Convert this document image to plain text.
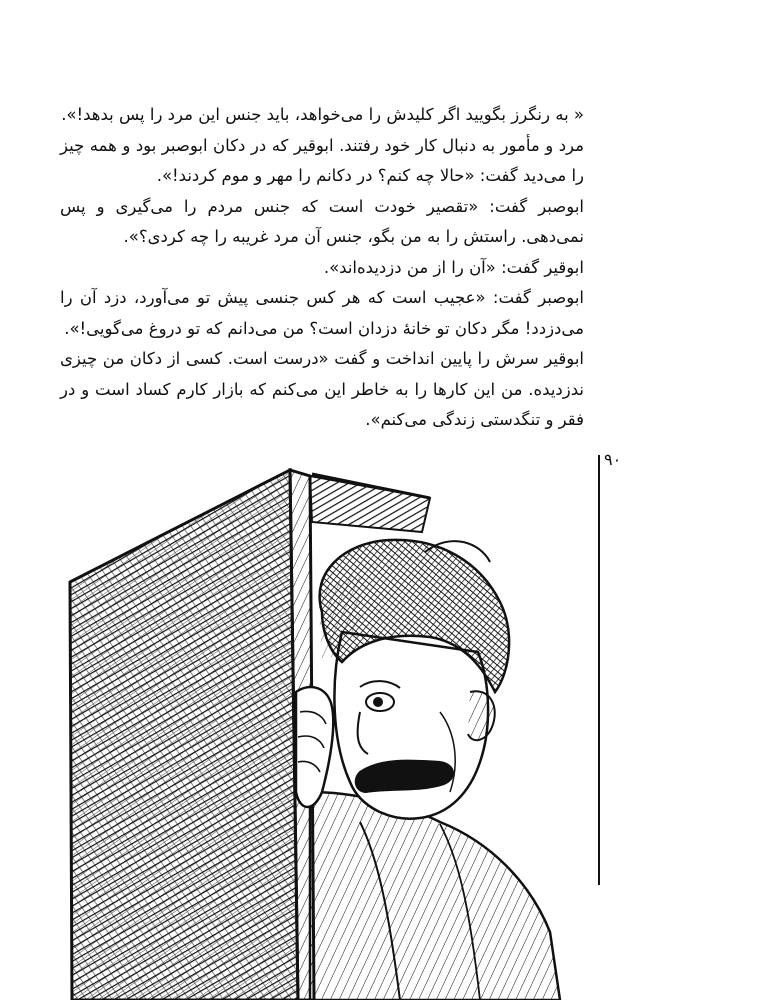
« به رنگرز بگویید اگر کلیدش را می‌خواهد، باید جنس این مرد را پس بدهد!».

مرد و مأمور به دنبال کار خود رفتند. ابوقیر که در دکان ابوصبر بود و همه چیز را می‌دید گفت: «حالا چه کنم؟ در دکانم را مهر و موم کردند!».

ابوصبر گفت: «تقصیر خودت است که جنس مردم را می‌گیری و پس نمی‌دهی. راستش را به من بگو، جنس آن مرد غریبه را چه کردی؟».

ابوقیر گفت: «آن را از من دزدیده‌اند».

ابوصبر گفت: «عجیب است که هر کس جنسی پیش تو می‌آورد، دزد آن را می‌دزدد! مگر دکان تو خانهٔ دزدان است؟ من می‌دانم که تو دروغ می‌گویی!».

ابوقیر سرش را پایین انداخت و گفت «درست است. کسی از دکان من چیزی ندزدیده. من این کارها را به خاطر این می‌کنم که بازار کارم کساد است و در فقر و تنگدستی زندگی می‌کنم».

۹۰
